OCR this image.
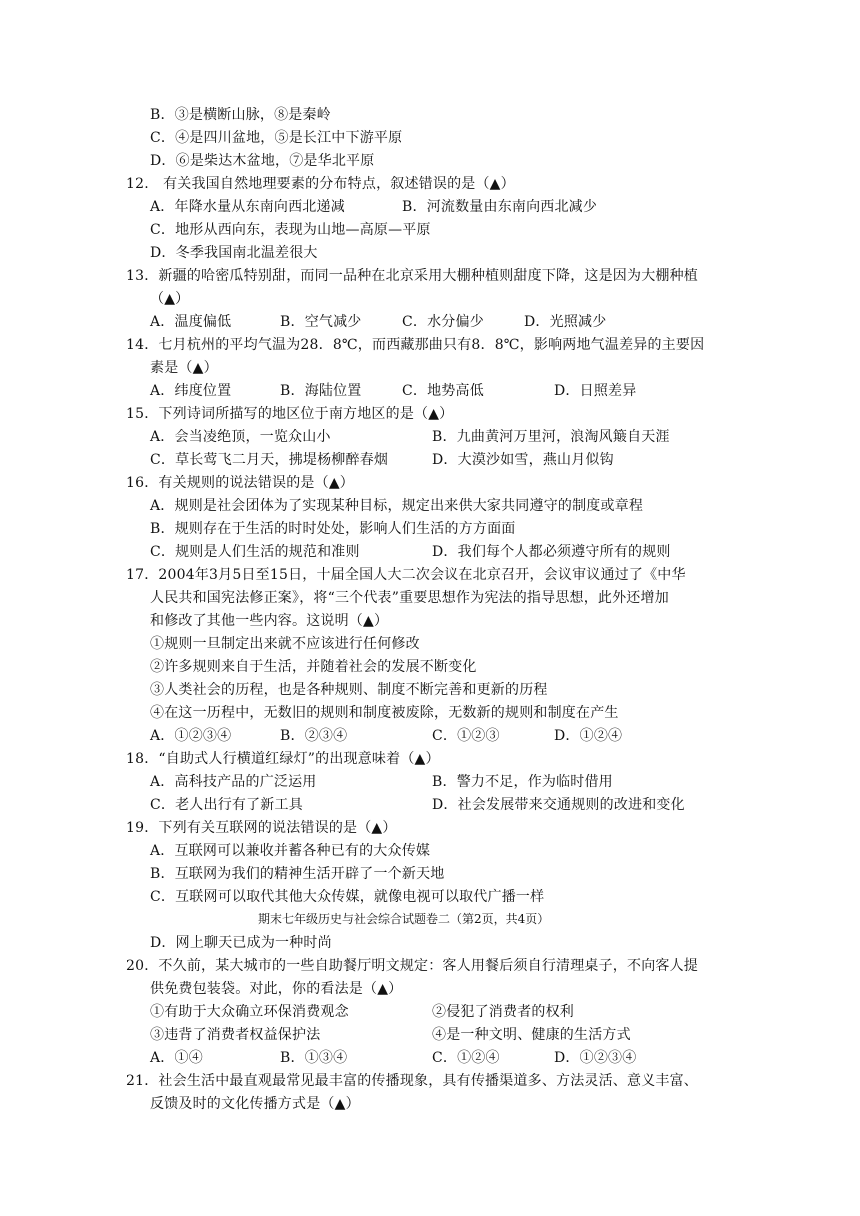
B．③是横断山脉，⑧是秦岭
C．④是四川盆地，⑤是长江中下游平原
D．⑥是柴达木盆地，⑦是华北平原
12.　有关我国自然地理要素的分布特点，叙述错误的是（▲）
A．年降水量从东南向西北递减	B．河流数量由东南向西北减少
C．地形从西向东，表现为山地—高原—平原
D．冬季我国南北温差很大
13．新疆的哈密瓜特别甜，而同一品种在北京采用大棚种植则甜度下降，这是因为大棚种植
（▲）
A．温度偏低	B．空气减少	C．水分偏少	D．光照减少
14．七月杭州的平均气温为28．8℃，而西藏那曲只有8．8℃，影响两地气温差异的主要因
素是（▲）
A．纬度位置	B．海陆位置	C．地势高低	D．日照差异
15．下列诗词所描写的地区位于南方地区的是（▲）
A．会当凌绝顶，一览众山小	B．九曲黄河万里河，浪淘风簸自天涯
C．草长莺飞二月天，拂堤杨柳醉春烟	D．大漠沙如雪，燕山月似钩
16．有关规则的说法错误的是（▲）
A．规则是社会团体为了实现某种目标，规定出来供大家共同遵守的制度或章程
B．规则存在于生活的时时处处，影响人们生活的方方面面
C．规则是人们生活的规范和准则	D．我们每个人都必须遵守所有的规则
17．2004年3月5日至15日，十届全国人大二次会议在北京召开，会议审议通过了《中华
人民共和国宪法修正案》，将“三个代表”重要思想作为宪法的指导思想，此外还增加
和修改了其他一些内容。这说明（▲）
①规则一旦制定出来就不应该进行任何修改
②许多规则来自于生活，并随着社会的发展不断变化
③人类社会的历程，也是各种规则、制度不断完善和更新的历程
④在这一历程中，无数旧的规则和制度被废除，无数新的规则和制度在产生
A．①②③④	B．②③④	C．①②③	D．①②④
18．“自助式人行横道红绿灯”的出现意味着（▲）
A．高科技产品的广泛运用	B．警力不足，作为临时借用
C．老人出行有了新工具	D．社会发展带来交通规则的改进和变化
19．下列有关互联网的说法错误的是（▲）
A．互联网可以兼收并蓄各种已有的大众传媒
B．互联网为我们的精神生活开辟了一个新天地
C．互联网可以取代其他大众传媒，就像电视可以取代广播一样
期末七年级历史与社会综合试题卷二（第2页，共4页）
D．网上聊天已成为一种时尚
20．不久前，某大城市的一些自助餐厅明文规定：客人用餐后须自行清理桌子，不向客人提
供免费包装袋。对此，你的看法是（▲）
①有助于大众确立环保消费观念	②侵犯了消费者的权利
③违背了消费者权益保护法	④是一种文明、健康的生活方式
A．①④	B．①③④	C．①②④	D．①②③④
21．社会生活中最直观最常见最丰富的传播现象，具有传播渠道多、方法灵活、意义丰富、
反馈及时的文化传播方式是（▲）
